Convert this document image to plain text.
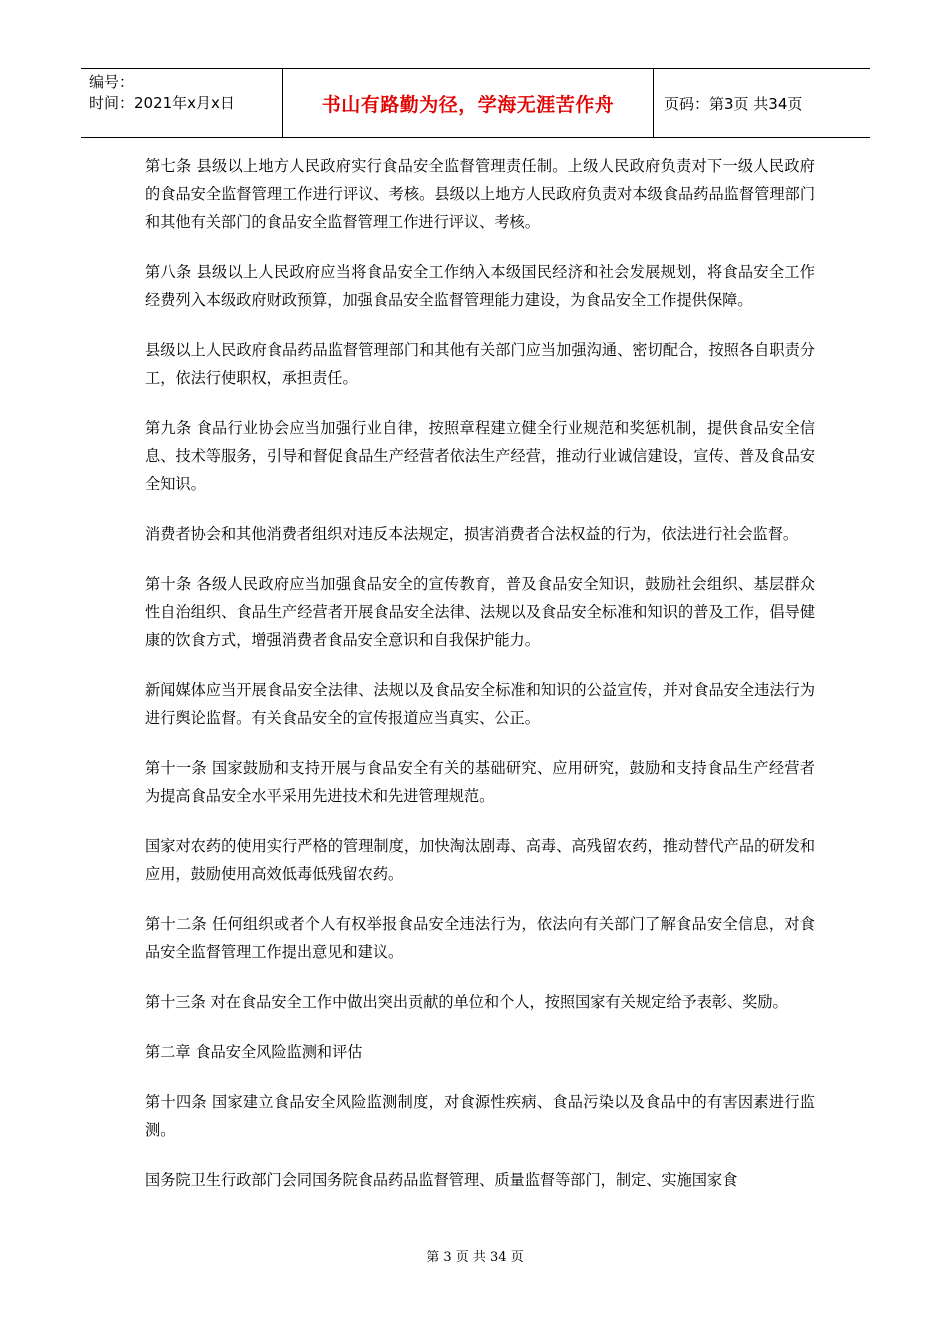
编号：
时间：2021年x月x日	书山有路勤为径，学海无涯苦作舟	页码：第3页 共34页

第七条 县级以上地方人民政府实行食品安全监督管理责任制。上级人民政府负责对下一级人民政府的食品安全监督管理工作进行评议、考核。县级以上地方人民政府负责对本级食品药品监督管理部门和其他有关部门的食品安全监督管理工作进行评议、考核。

第八条 县级以上人民政府应当将食品安全工作纳入本级国民经济和社会发展规划，将食品安全工作经费列入本级政府财政预算，加强食品安全监督管理能力建设，为食品安全工作提供保障。

县级以上人民政府食品药品监督管理部门和其他有关部门应当加强沟通、密切配合，按照各自职责分工，依法行使职权，承担责任。

第九条 食品行业协会应当加强行业自律，按照章程建立健全行业规范和奖惩机制，提供食品安全信息、技术等服务，引导和督促食品生产经营者依法生产经营，推动行业诚信建设，宣传、普及食品安全知识。

消费者协会和其他消费者组织对违反本法规定，损害消费者合法权益的行为，依法进行社会监督。

第十条 各级人民政府应当加强食品安全的宣传教育，普及食品安全知识，鼓励社会组织、基层群众性自治组织、食品生产经营者开展食品安全法律、法规以及食品安全标准和知识的普及工作，倡导健康的饮食方式，增强消费者食品安全意识和自我保护能力。

新闻媒体应当开展食品安全法律、法规以及食品安全标准和知识的公益宣传，并对食品安全违法行为进行舆论监督。有关食品安全的宣传报道应当真实、公正。

第十一条 国家鼓励和支持开展与食品安全有关的基础研究、应用研究，鼓励和支持食品生产经营者为提高食品安全水平采用先进技术和先进管理规范。

国家对农药的使用实行严格的管理制度，加快淘汰剧毒、高毒、高残留农药，推动替代产品的研发和应用，鼓励使用高效低毒低残留农药。

第十二条 任何组织或者个人有权举报食品安全违法行为，依法向有关部门了解食品安全信息，对食品安全监督管理工作提出意见和建议。

第十三条 对在食品安全工作中做出突出贡献的单位和个人，按照国家有关规定给予表彰、奖励。

第二章 食品安全风险监测和评估

第十四条 国家建立食品安全风险监测制度，对食源性疾病、食品污染以及食品中的有害因素进行监测。

国务院卫生行政部门会同国务院食品药品监督管理、质量监督等部门，制定、实施国家食

第 3 页 共 34 页
